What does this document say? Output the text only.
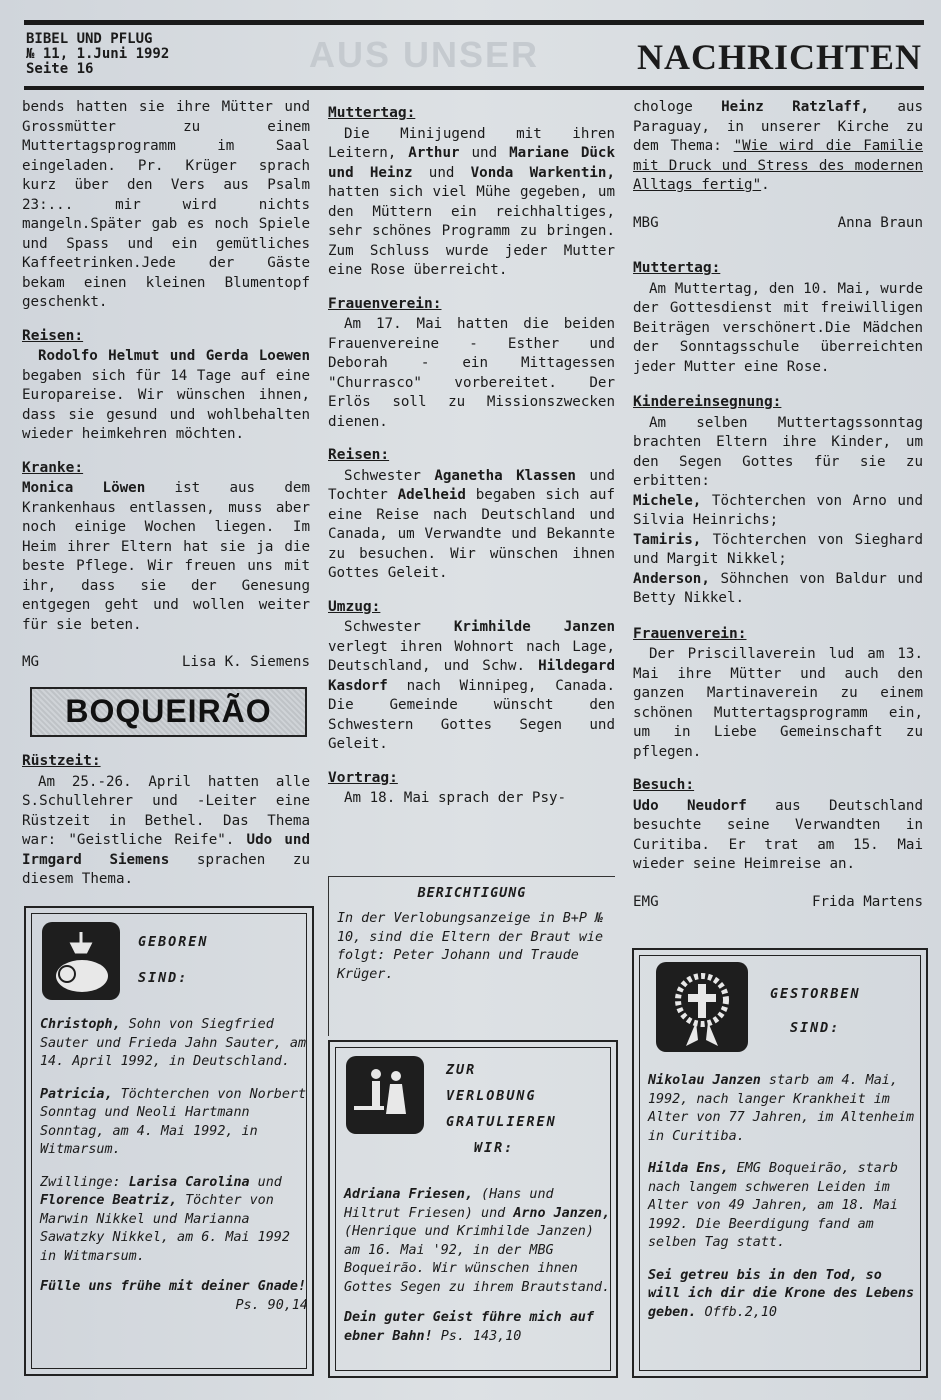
AUS UNSER
BIBEL UND PFLUG
№ 11, 1.Juni 1992
Seite 16	NACHRICHTEN

bends hatten sie ihre Mütter und Grossmütter zu einem Muttertagsprogramm im Saal eingeladen. Pr. Krüger sprach kurz über den Vers aus Psalm 23:... mir wird nichts mangeln.Später gab es noch Spiele und Spass und ein gemütliches Kaffeetrinken.Jede der Gäste bekam einen kleinen Blumentopf geschenkt.

Reisen:

Rodolfo Helmut und Gerda Loewen begaben sich für 14 Tage auf eine Europareise. Wir wünschen ihnen, dass sie gesund und wohlbehalten wieder heimkehren möchten.

Kranke:

Monica Löwen ist aus dem Krankenhaus entlassen, muss aber noch einige Wochen liegen. Im Heim ihrer Eltern hat sie ja die beste Pflege. Wir freuen uns mit ihr, dass sie der Genesung entgegen geht und wollen weiter für sie beten.

MG	Lisa K. Siemens
BOQUEIRÃO
Rüstzeit:

Am 25.-26. April hatten alle S.Schullehrer und -Leiter eine Rüstzeit in Bethel. Das Thema war: "Geistliche Reife". Udo und Irmgard Siemens sprachen zu diesem Thema.

Muttertag:

Die Minijugend mit ihren Leitern, Arthur und Mariane Dück und Heinz und Vonda Warkentin, hatten sich viel Mühe gegeben, um den Müttern ein reichhaltiges, sehr schönes Programm zu bringen. Zum Schluss wurde jeder Mutter eine Rose überreicht.

Frauenverein:

Am 17. Mai hatten die beiden Frauenvereine - Esther und Deborah - ein Mittagessen "Churrasco" vorbereitet. Der Erlös soll zu Missionszwecken dienen.

Reisen:

Schwester Aganetha Klassen und Tochter Adelheid begaben sich auf eine Reise nach Deutschland und Canada, um Verwandte und Bekannte zu besuchen. Wir wünschen ihnen Gottes Geleit.

Umzug:

Schwester Krimhilde Janzen verlegt ihren Wohnort nach Lage, Deutschland, und Schw. Hildegard Kasdorf nach Winnipeg, Canada. Die Gemeinde wünscht den Schwestern Gottes Segen und Geleit.

Vortrag:

Am 18. Mai sprach der Psy-

BERICHTIGUNG
In der Verlobungsanzeige in B+P № 10, sind die Eltern der Braut wie folgt: Peter Johann und Traude Krüger.

chologe Heinz Ratzlaff, aus Paraguay, in unserer Kirche zu dem Thema: "Wie wird die Familie mit Druck und Stress des modernen Alltags fertig".

MBG	Anna Braun
Muttertag:

Am Muttertag, den 10. Mai, wurde der Gottesdienst mit freiwilligen Beiträgen verschönert.Die Mädchen der Sonntagsschule überreichten jeder Mutter eine Rose.

Kindereinsegnung:

Am selben Muttertagssonntag brachten Eltern ihre Kinder, um den Segen Gottes für sie zu erbitten:

Michele, Töchterchen von Arno und Silvia Heinrichs;

Tamiris, Töchterchen von Sieghard und Margit Nikkel;

Anderson, Söhnchen von Baldur und Betty Nikkel.

Frauenverein:

Der Priscillaverein lud am 13. Mai ihre Mütter und auch den ganzen Martinaverein zu einem schönen Muttertagsprogramm ein, um in Liebe Gemeinschaft zu pflegen.

Besuch:

Udo Neudorf aus Deutschland besuchte seine Verwandten in Curitiba. Er trat am 15. Mai wieder seine Heimreise an.

EMG	Frida Martens
GEBOREN
SIND:

Christoph, Sohn von Siegfried Sauter und Frieda Jahn Sauter, am 14. April 1992, in Deutschland.

Patricia, Töchterchen von Norbert Sonntag und Neoli Hartmann Sonntag, am 4. Mai 1992, in Witmarsum.

Zwillinge: Larisa Carolina und Florence Beatriz, Töchter von Marwin Nikkel und Marianna Sawatzky Nikkel, am 6. Mai 1992 in Witmarsum.

Fülle uns frühe mit deiner Gnade!
Ps. 90,14

ZUR
VERLOBUNG
GRATULIEREN
WIR:

Adriana Friesen, (Hans und Hiltrut Friesen) und Arno Janzen, (Henrique und Krimhilde Janzen) am 16. Mai '92, in der MBG Boqueirão. Wir wünschen ihnen Gottes Segen zu ihrem Brautstand.

Dein guter Geist führe mich auf ebner Bahn! Ps. 143,10

GESTORBEN
SIND:

Nikolau Janzen starb am 4. Mai, 1992, nach langer Krankheit im Alter von 77 Jahren, im Altenheim in Curitiba.

Hilda Ens, EMG Boqueirão, starb nach langem schweren Leiden im Alter von 49 Jahren, am 18. Mai 1992. Die Beerdigung fand am selben Tag statt.

Sei getreu bis in den Tod, so will ich dir die Krone des Lebens geben. Offb.2,10
